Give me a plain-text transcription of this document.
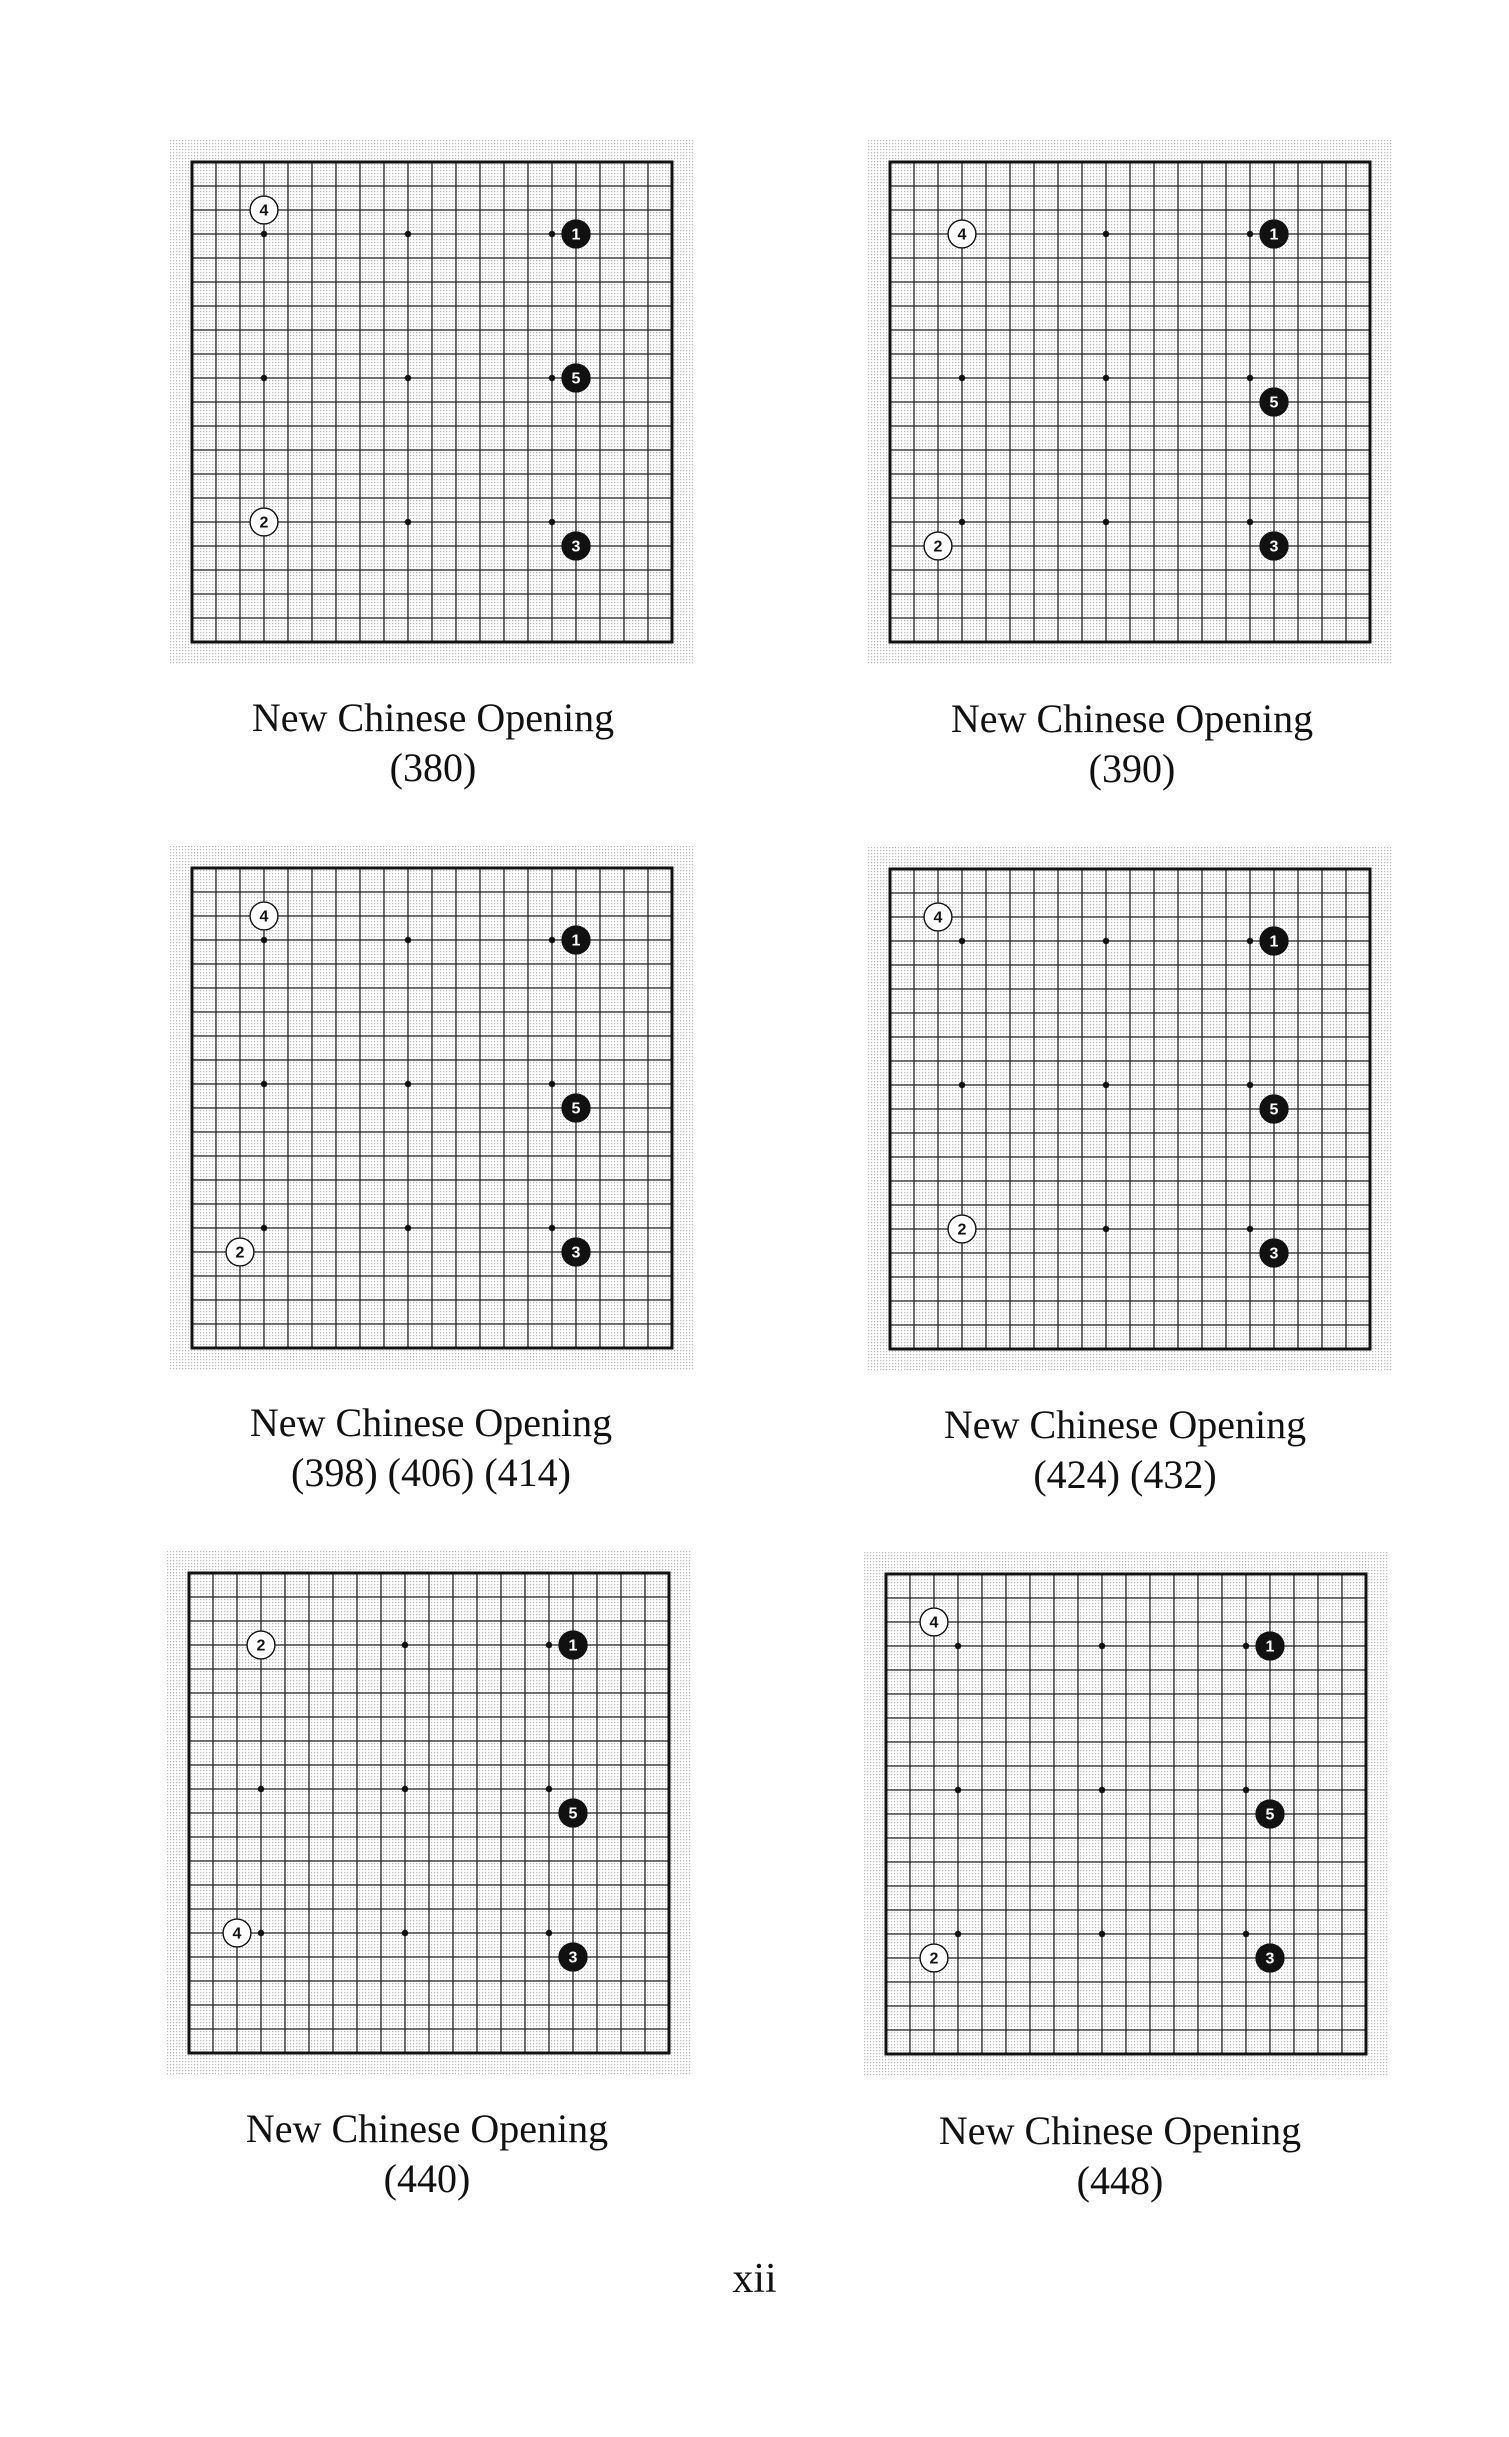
1
2
3
4
5
New Chinese Opening
(380)
1
2	3
4
5
New Chinese Opening
(390)
1
2	3
4
5
New Chinese Opening
(398) (406) (414)
1
2
3
4
5
New Chinese Opening
(424) (432)
1
2
3
4
5
New Chinese Opening
(440)
1
2	3
4
5
New Chinese Opening
(448)
xii
